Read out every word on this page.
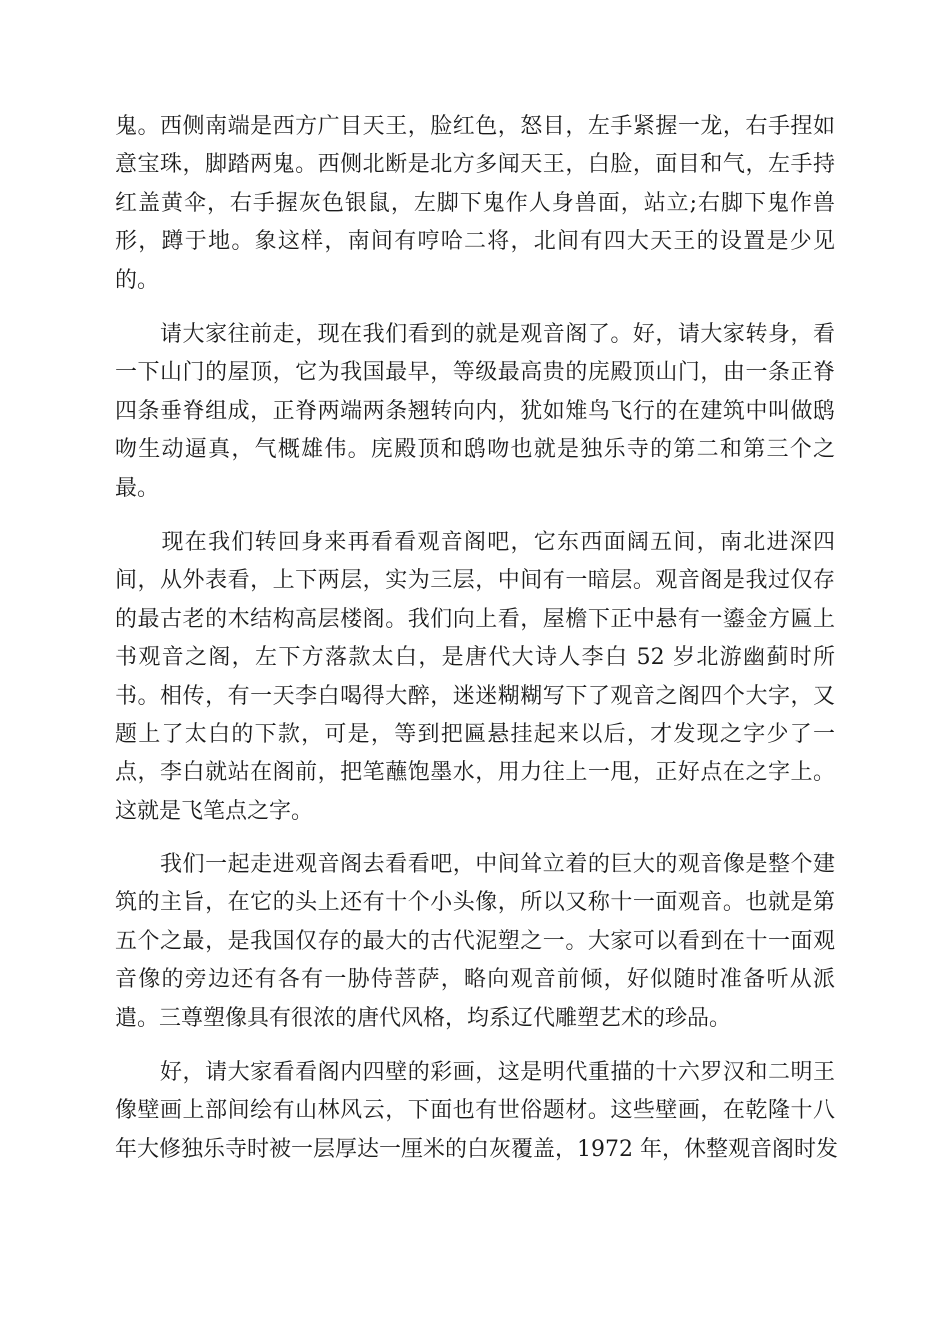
鬼。西侧南端是西方广目天王，脸红色，怒目，左手紧握一龙，右手捏如
意宝珠，脚踏两鬼。西侧北断是北方多闻天王，白脸，面目和气，左手持
红盖黄伞，右手握灰色银鼠，左脚下鬼作人身兽面，站立;右脚下鬼作兽
形，蹲于地。象这样，南间有哼哈二将，北间有四大天王的设置是少见
的。
　　请大家往前走，现在我们看到的就是观音阁了。好，请大家转身，看
一下山门的屋顶，它为我国最早，等级最高贵的庑殿顶山门，由一条正脊
四条垂脊组成，正脊两端两条翘转向内，犹如雉鸟飞行的在建筑中叫做鸱
吻生动逼真，气概雄伟。庑殿顶和鸱吻也就是独乐寺的第二和第三个之
最。
　　现在我们转回身来再看看观音阁吧，它东西面阔五间，南北进深四
间，从外表看，上下两层，实为三层，中间有一暗层。观音阁是我过仅存
的最古老的木结构高层楼阁。我们向上看，屋檐下正中悬有一鎏金方匾上
书观音之阁，左下方落款太白，是唐代大诗人李白 52 岁北游幽蓟时所
书。相传，有一天李白喝得大醉，迷迷糊糊写下了观音之阁四个大字，又
题上了太白的下款，可是，等到把匾悬挂起来以后，才发现之字少了一
点，李白就站在阁前，把笔蘸饱墨水，用力往上一甩，正好点在之字上。
这就是飞笔点之字。
　　我们一起走进观音阁去看看吧，中间耸立着的巨大的观音像是整个建
筑的主旨，在它的头上还有十个小头像，所以又称十一面观音。也就是第
五个之最，是我国仅存的最大的古代泥塑之一。大家可以看到在十一面观
音像的旁边还有各有一胁侍菩萨，略向观音前倾，好似随时准备听从派
遣。三尊塑像具有很浓的唐代风格，均系辽代雕塑艺术的珍品。
　　好，请大家看看阁内四壁的彩画，这是明代重描的十六罗汉和二明王
像壁画上部间绘有山林风云，下面也有世俗题材。这些壁画，在乾隆十八
年大修独乐寺时被一层厚达一厘米的白灰覆盖，1972 年，休整观音阁时发
